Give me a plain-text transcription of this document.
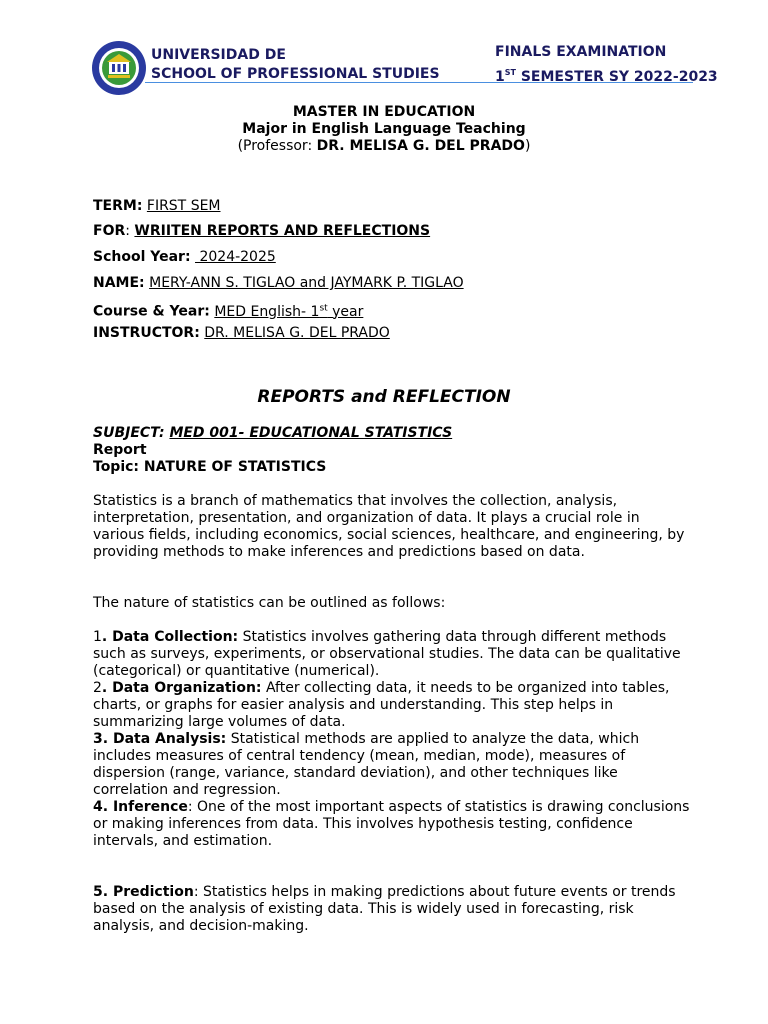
UNIVERSIDAD DE
SCHOOL OF PROFESSIONAL STUDIES
FINALS EXAMINATION
1ST SEMESTER SY 2022-2023
MASTER IN EDUCATION
Major in English Language Teaching
(Professor: DR. MELISA G. DEL PRADO)
TERM: FIRST SEM
FOR: WRIITEN REPORTS AND REFLECTIONS
School Year:  2024-2025
NAME: MERY-ANN S. TIGLAO and JAYMARK P. TIGLAO
Course & Year: MED English- 1st year
INSTRUCTOR: DR. MELISA G. DEL PRADO
REPORTS and REFLECTION
SUBJECT: MED 001- EDUCATIONAL STATISTICS
Report
Topic: NATURE OF STATISTICS

Statistics is a branch of mathematics that involves the collection, analysis, interpretation, presentation, and organization of data. It plays a crucial role in various fields, including economics, social sciences, healthcare, and engineering, by providing methods to make inferences and predictions based on data.

The nature of statistics can be outlined as follows:

1. Data Collection: Statistics involves gathering data through different methods such as surveys, experiments, or observational studies. The data can be qualitative (categorical) or quantitative (numerical).

2. Data Organization: After collecting data, it needs to be organized into tables, charts, or graphs for easier analysis and understanding. This step helps in summarizing large volumes of data.

3. Data Analysis: Statistical methods are applied to analyze the data, which includes measures of central tendency (mean, median, mode), measures of dispersion (range, variance, standard deviation), and other techniques like correlation and regression.

4. Inference: One of the most important aspects of statistics is drawing conclusions or making inferences from data. This involves hypothesis testing, confidence intervals, and estimation.

5. Prediction: Statistics helps in making predictions about future events or trends based on the analysis of existing data. This is widely used in forecasting, risk analysis, and decision-making.
